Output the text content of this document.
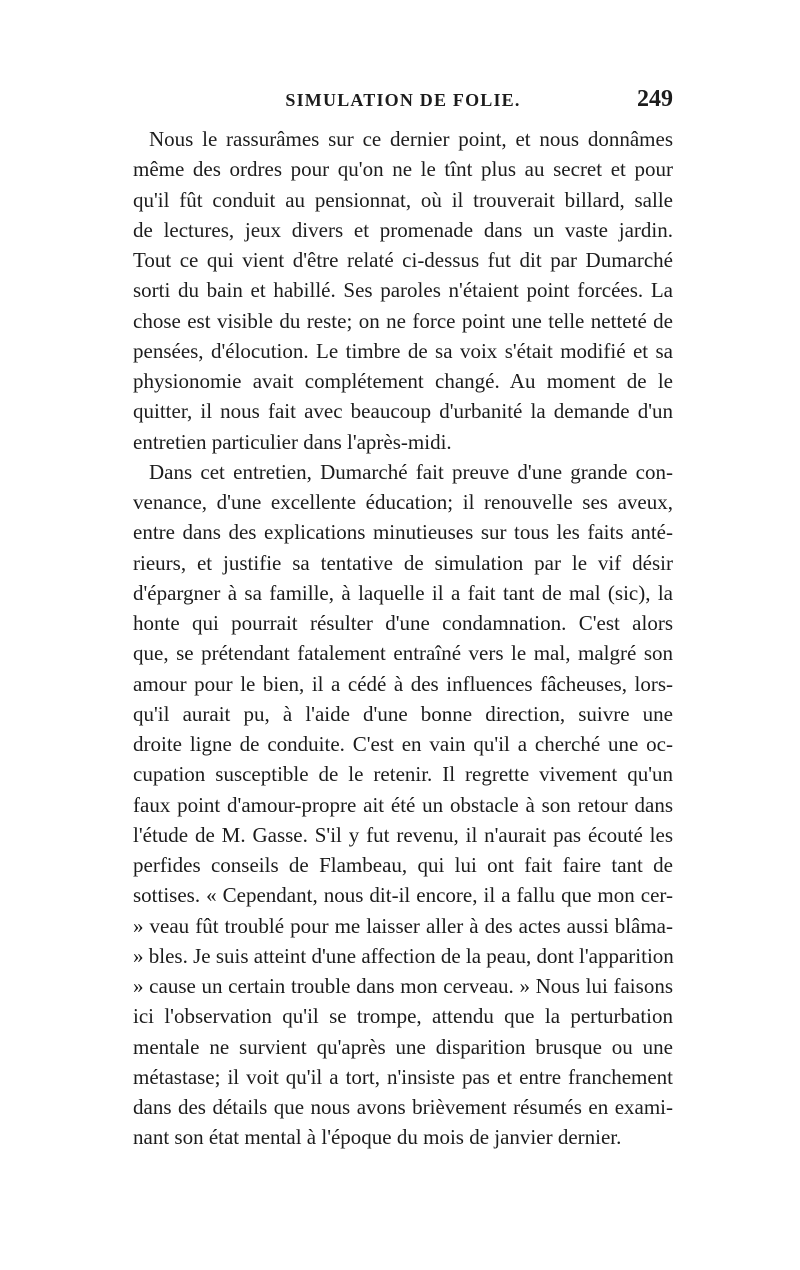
SIMULATION DE FOLIE.	249
Nous le rassurâmes sur ce dernier point, et nous donnâmes
même des ordres pour qu'on ne le tînt plus au secret et pour
qu'il fût conduit au pensionnat, où il trouverait billard, salle
de lectures, jeux divers et promenade dans un vaste jardin.
Tout ce qui vient d'être relaté ci-dessus fut dit par Dumarché
sorti du bain et habillé. Ses paroles n'étaient point forcées. La
chose est visible du reste; on ne force point une telle netteté de
pensées, d'élocution. Le timbre de sa voix s'était modifié et sa
physionomie avait complétement changé. Au moment de le
quitter, il nous fait avec beaucoup d'urbanité la demande d'un
entretien particulier dans l'après-midi.
Dans cet entretien, Dumarché fait preuve d'une grande con-
venance, d'une excellente éducation; il renouvelle ses aveux,
entre dans des explications minutieuses sur tous les faits anté-
rieurs, et justifie sa tentative de simulation par le vif désir
d'épargner à sa famille, à laquelle il a fait tant de mal (sic), la
honte qui pourrait résulter d'une condamnation. C'est alors
que, se prétendant fatalement entraîné vers le mal, malgré son
amour pour le bien, il a cédé à des influences fâcheuses, lors-
qu'il aurait pu, à l'aide d'une bonne direction, suivre une
droite ligne de conduite. C'est en vain qu'il a cherché une oc-
cupation susceptible de le retenir. Il regrette vivement qu'un
faux point d'amour-propre ait été un obstacle à son retour dans
l'étude de M. Gasse. S'il y fut revenu, il n'aurait pas écouté les
perfides conseils de Flambeau, qui lui ont fait faire tant de
sottises. « Cependant, nous dit-il encore, il a fallu que mon cer-
» veau fût troublé pour me laisser aller à des actes aussi blâma-
» bles. Je suis atteint d'une affection de la peau, dont l'apparition
» cause un certain trouble dans mon cerveau. » Nous lui faisons
ici l'observation qu'il se trompe, attendu que la perturbation
mentale ne survient qu'après une disparition brusque ou une
métastase; il voit qu'il a tort, n'insiste pas et entre franchement
dans des détails que nous avons brièvement résumés en exami-
nant son état mental à l'époque du mois de janvier dernier.
